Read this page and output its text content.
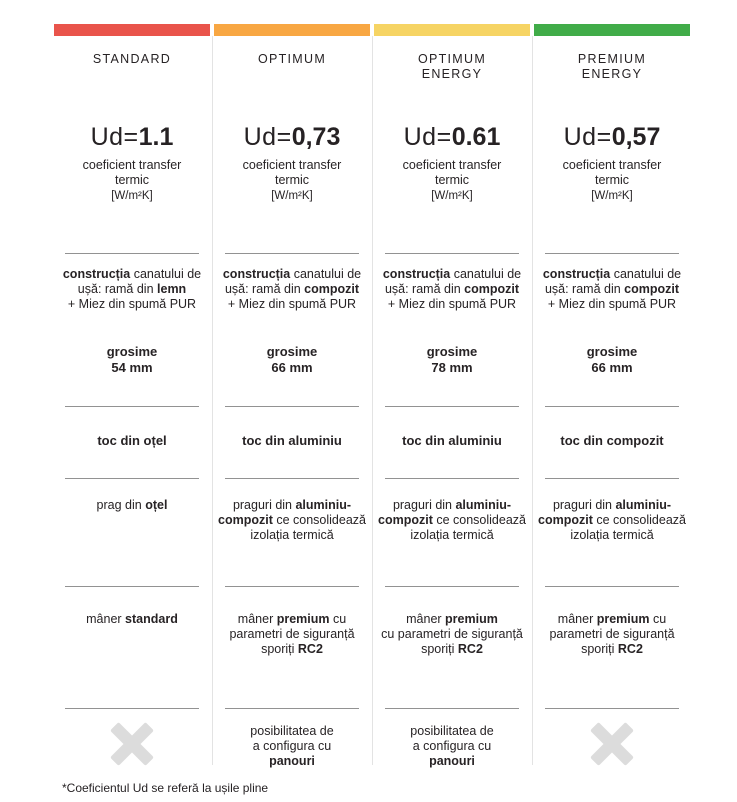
STANDARD
Ud=1.1
coeficient transfer
termic
[W/m²K]
construcția canatului de
ușă: ramă din lemn
+ Miez din spumă PUR
grosime
54 mm
toc din oțel
prag din oțel
mâner standard
OPTIMUM
Ud=0,73
coeficient transfer
termic
[W/m²K]
construcția canatului de
ușă: ramă din compozit
+ Miez din spumă PUR
grosime
66 mm
toc din aluminiu
praguri din aluminiu-
compozit ce consolidează
izolația termică
mâner premium cu
parametri de siguranță
sporiți RC2
posibilitatea de
a configura cu
panouri
OPTIMUM
ENERGY
Ud=0.61
coeficient transfer
termic
[W/m²K]
construcția canatului de
ușă: ramă din compozit
+ Miez din spumă PUR
grosime
78 mm
toc din aluminiu
praguri din aluminiu-
compozit ce consolidează
izolația termică
mâner premium
cu parametri de siguranță
sporiți RC2
posibilitatea de
a configura cu
panouri
PREMIUM
ENERGY
Ud=0,57
coeficient transfer
termic
[W/m²K]
construcția canatului de
ușă: ramă din compozit
+ Miez din spumă PUR
grosime
66 mm
toc din compozit
praguri din aluminiu-
compozit ce consolidează
izolația termică
mâner premium cu
parametri de siguranță
sporiți RC2
*Coeficientul Ud se referă la ușile pline
